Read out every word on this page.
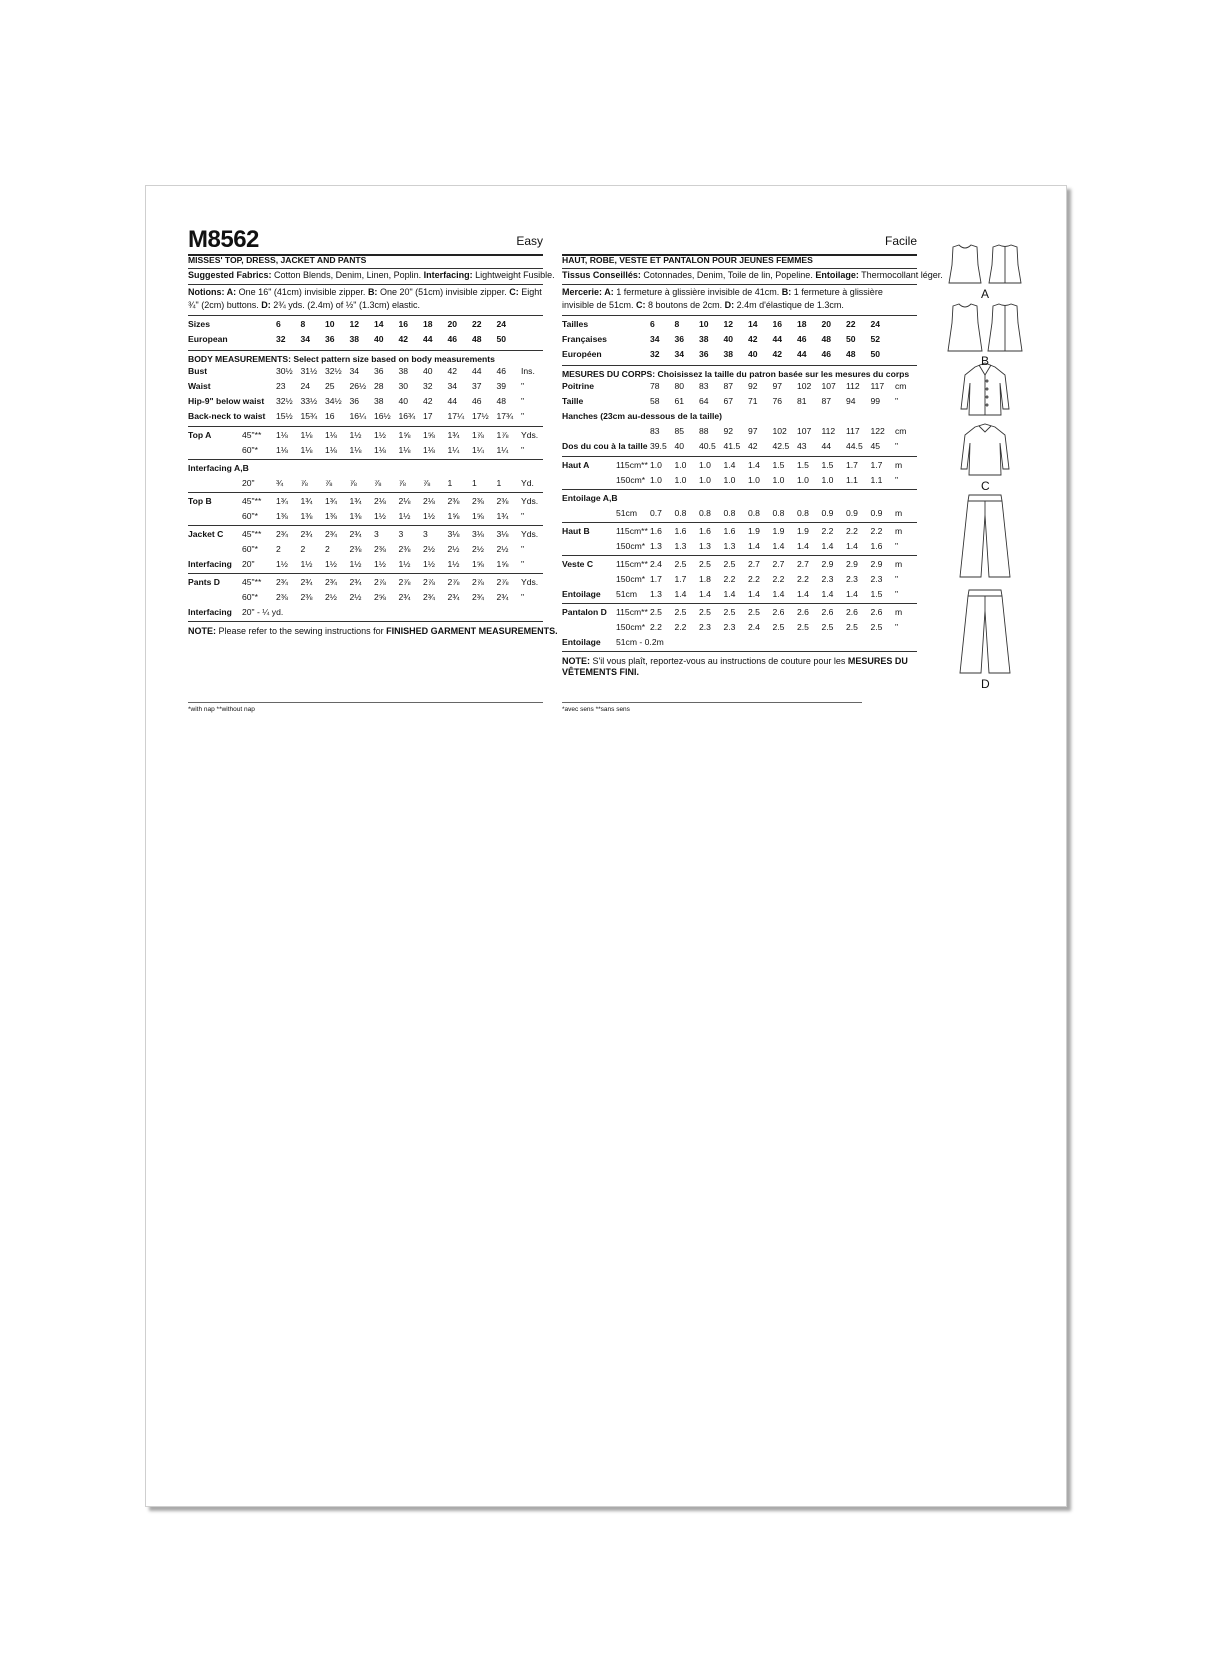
M8562	Easy
MISSES' TOP, DRESS, JACKET AND PANTS
Suggested Fabrics: Cotton Blends, Denim, Linen, Poplin. Interfacing: Lightweight Fusible.
Notions: A: One 16" (41cm) invisible zipper. B: One 20" (51cm) invisible zipper. C: Eight ¾" (2cm) buttons. D: 2¾ yds. (2.4m) of ½" (1.3cm) elastic.
Sizes	6	8	10	12	14	16	18	20	22	24
European	32	34	36	38	40	42	44	46	48	50
BODY MEASUREMENTS: Select pattern size based on body measurements
Bust	30½	31½	32½	34	36	38	40	42	44	46	Ins.
Waist	23	24	25	26½	28	30	32	34	37	39	"
Hip-9" below waist	32½	33½	34½	36	38	40	42	44	46	48	"
Back-neck to waist	15½	15¾	16	16¼	16½	16¾	17	17¼	17½	17¾	"
Top A	45"**	1⅛	1⅛	1⅛	1½	1½	1⅝	1⅝	1¾	1⅞	1⅞	Yds.
	60"*	1⅛	1⅛	1⅛	1⅛	1⅛	1⅛	1⅛	1¼	1¼	1¼	"
Interfacing A,B
	20"	¾	⅞	⅞	⅞	⅞	⅞	⅞	1	1	1	Yd.
Top B	45"**	1¾	1¾	1¾	1¾	2⅛	2⅛	2⅛	2⅜	2⅜	2⅜	Yds.
	60"*	1⅜	1⅜	1⅜	1⅜	1½	1½	1½	1⅝	1⅝	1¾	"
Jacket C	45"**	2¾	2¾	2¾	2¾	3	3	3	3⅛	3⅛	3⅛	Yds.
	60"*	2	2	2	2⅜	2⅜	2⅜	2½	2½	2½	2½	"
Interfacing	20"	1½	1½	1½	1½	1½	1½	1½	1½	1⅝	1⅝	"
Pants D	45"**	2¾	2¾	2¾	2¾	2⅞	2⅞	2⅞	2⅞	2⅞	2⅞	Yds.
	60"*	2⅜	2⅜	2½	2½	2⅝	2¾	2¾	2¾	2¾	2¾	"
Interfacing	20" - ¼ yd.											
NOTE: Please refer to the sewing instructions for FINISHED GARMENT MEASUREMENTS.
Facile
HAUT, ROBE, VESTE ET PANTALON POUR JEUNES FEMMES
Tissus Conseillés: Cotonnades, Denim, Toile de lin, Popeline. Entoilage: Thermocollant léger.
Mercerie: A: 1 fermeture à glissière invisible de 41cm. B: 1 fermeture à glissière invisible de 51cm. C: 8 boutons de 2cm. D: 2.4m d'élastique de 1.3cm.
Tailles	6	8	10	12	14	16	18	20	22	24
Françaises	34	36	38	40	42	44	46	48	50	52
Européen	32	34	36	38	40	42	44	46	48	50
MESURES DU CORPS: Choisissez la taille du patron basée sur les mesures du corps
Poitrine	78	80	83	87	92	97	102	107	112	117	cm
Taille	58	61	64	67	71	76	81	87	94	99	"
Hanches (23cm au-dessous de la taille)											
	83	85	88	92	97	102	107	112	117	122	cm
Dos du cou à la taille	39.5	40	40.5	41.5	42	42.5	43	44	44.5	45	"
Haut A	115cm**	1.0	1.0	1.0	1.4	1.4	1.5	1.5	1.5	1.7	1.7	m
	150cm*	1.0	1.0	1.0	1.0	1.0	1.0	1.0	1.0	1.1	1.1	"
Entoilage A,B
	51cm	0.7	0.8	0.8	0.8	0.8	0.8	0.8	0.9	0.9	0.9	m
Haut B	115cm**	1.6	1.6	1.6	1.6	1.9	1.9	1.9	2.2	2.2	2.2	m
	150cm*	1.3	1.3	1.3	1.3	1.4	1.4	1.4	1.4	1.4	1.6	"
Veste C	115cm**	2.4	2.5	2.5	2.5	2.7	2.7	2.7	2.9	2.9	2.9	m
	150cm*	1.7	1.7	1.8	2.2	2.2	2.2	2.2	2.3	2.3	2.3	"
Entoilage	51cm	1.3	1.4	1.4	1.4	1.4	1.4	1.4	1.4	1.4	1.5	"
Pantalon D	115cm**	2.5	2.5	2.5	2.5	2.5	2.6	2.6	2.6	2.6	2.6	m
	150cm*	2.2	2.2	2.3	2.3	2.4	2.5	2.5	2.5	2.5	2.5	"
Entoilage	51cm - 0.2m											
NOTE: S'il vous plaît, reportez-vous au instructions de couture pour les MESURES DU VÊTEMENTS FINI.
*with nap **without nap	*avec sens **sans sens
A
B
C
D
